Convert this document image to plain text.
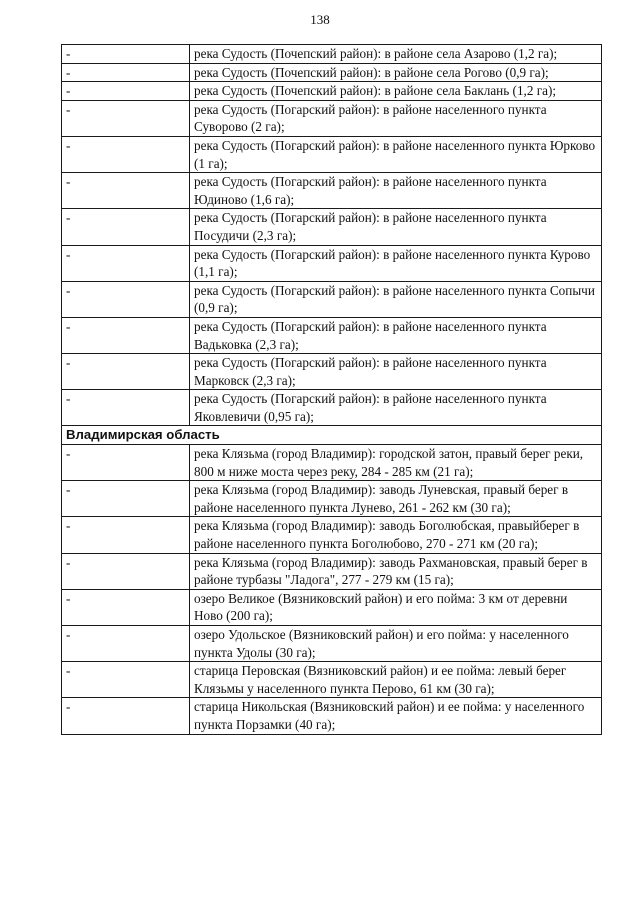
138
-	река Судость (Почепский район): в районе села Азарово (1,2 га);
-	река Судость (Почепский район): в районе села Рогово (0,9 га);
-	река Судость (Почепский район): в районе села Баклань (1,2 га);
-	река Судость (Погарский район): в районе населенного пункта Суворово (2 га);
-	река Судость (Погарский район): в районе населенного пункта Юрково (1 га);
-	река Судость (Погарский район): в районе населенного пункта Юдиново (1,6 га);
-	река Судость (Погарский район): в районе населенного пункта Посудичи (2,3 га);
-	река Судость (Погарский район): в районе населенного пункта Курово (1,1 га);
-	река Судость (Погарский район): в районе населенного пункта Сопычи (0,9 га);
-	река Судость (Погарский район): в районе населенного пункта Вадьковка (2,3 га);
-	река Судость (Погарский район): в районе населенного пункта Марковск (2,3 га);
-	река Судость (Погарский район): в районе населенного пункта Яковлевичи (0,95 га);
Владимирская область	
-	река Клязьма (город Владимир): городской затон, правый берег реки, 800 м ниже моста через реку, 284 - 285 км (21 га);
-	река Клязьма (город Владимир): заводь Луневская, правый берег в районе населенного пункта Лунево, 261 - 262 км (30 га);
-	река Клязьма (город Владимир): заводь Боголюбская, правыйберег в районе населенного пункта Боголюбово, 270 - 271 км (20 га);
-	река Клязьма (город Владимир): заводь Рахмановская, правый берег в районе турбазы "Ладога", 277 - 279 км (15 га);
-	озеро Великое (Вязниковский район) и его пойма: 3 км от деревни Ново (200 га);
-	озеро Удольское (Вязниковский район) и его пойма: у населенного пункта Удолы (30 га);
-	старица Перовская (Вязниковский район) и ее пойма: левый берег Клязьмы у населенного пункта Перово, 61 км (30 га);
-	старица Никольская (Вязниковский район) и ее пойма: у населенного пункта Порзамки (40 га);
